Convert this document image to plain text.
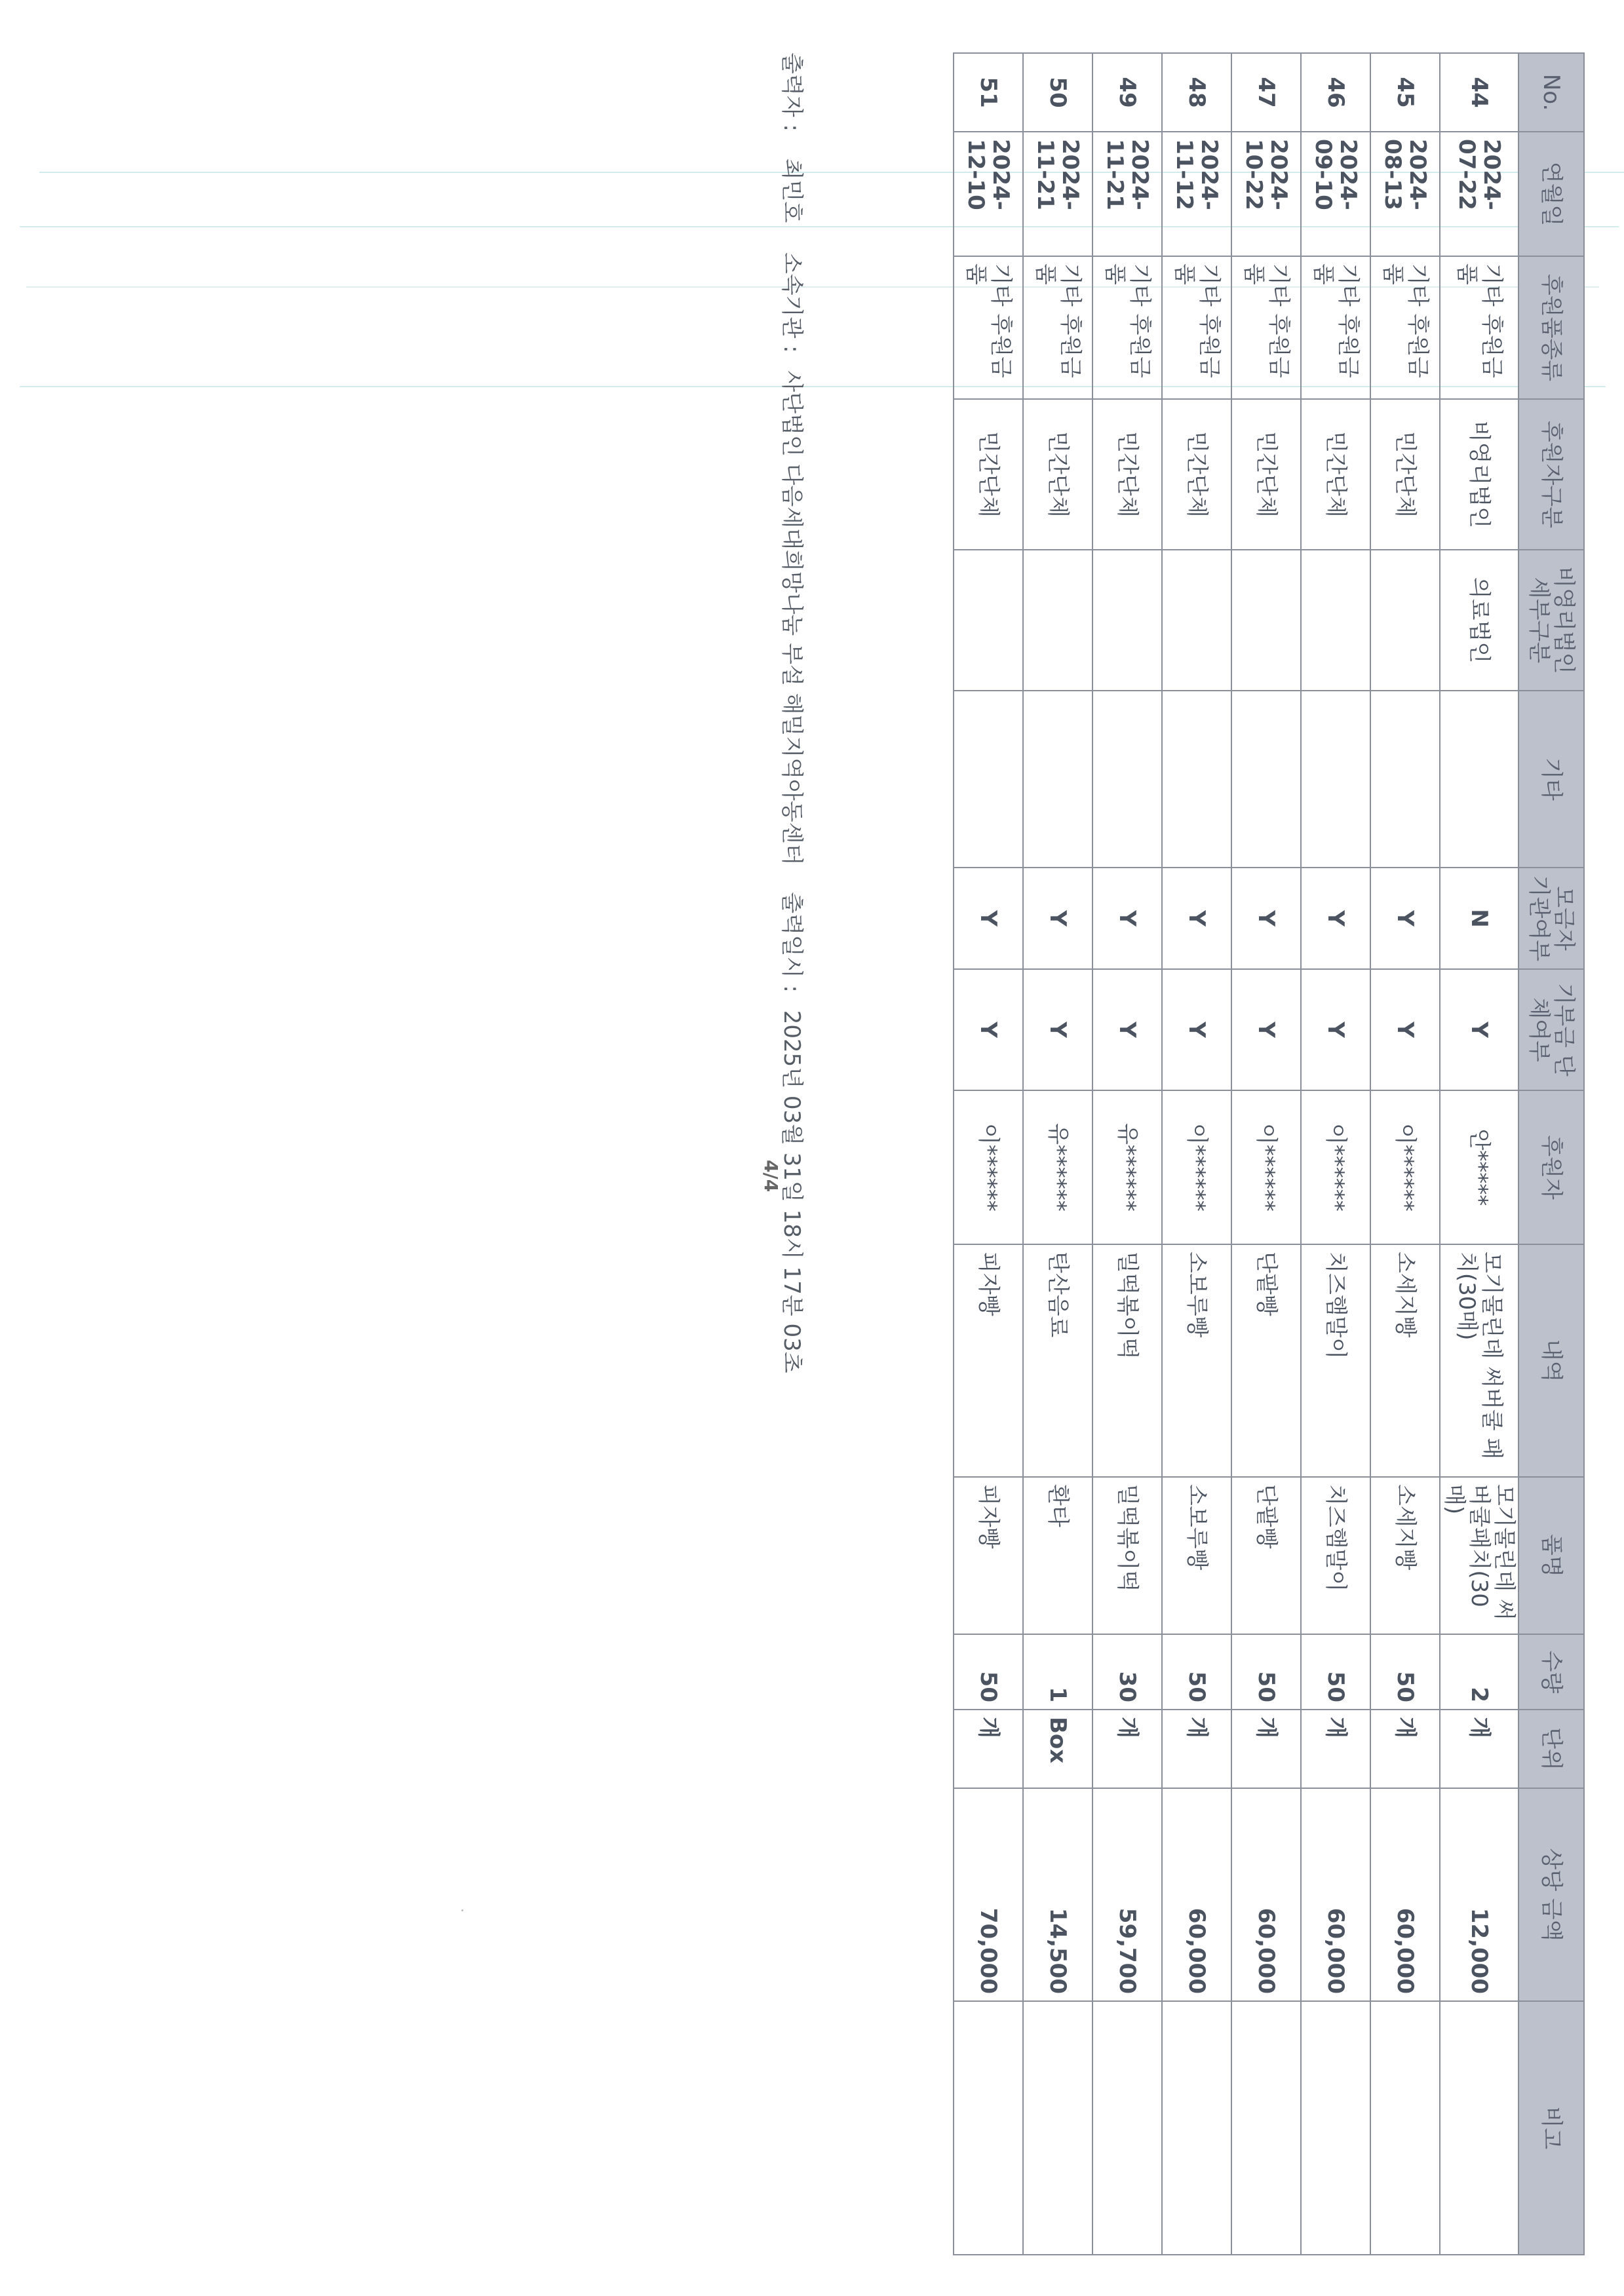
No.	연월일	후원품종류	후원자구분	비영리법인 세부구분	기타	모금자 기관여부	기부금 단체여부	후원자	내역	품명	수량	단위	상당 금액	비고
44	2024-07-22	기타 후원금품	비영리법인	의료법인		N	Y	안*****	모기물린데 써버쿨 패치(30매)	모기물린데 써버쿨패치(30매)	2	개	12,000	
45	2024-08-13	기타 후원금품	민간단체			Y	Y	이******	소세지빵	소세지빵	50	개	60,000	
46	2024-09-10	기타 후원금품	민간단체			Y	Y	이******	치즈햄말이	치즈햄말이	50	개	60,000	
47	2024-10-22	기타 후원금품	민간단체			Y	Y	이******	단팥빵	단팥빵	50	개	60,000	
48	2024-11-12	기타 후원금품	민간단체			Y	Y	이******	소보루빵	소보루빵	50	개	60,000	
49	2024-11-21	기타 후원금품	민간단체			Y	Y	유******	밀떡볶이떡	밀떡볶이떡	30	개	59,700	
50	2024-11-21	기타 후원금품	민간단체			Y	Y	유******	탄산음료	환타	1	Box	14,500	
51	2024-12-10	기타 후원금품	민간단체			Y	Y	이******	피자빵	피자빵	50	개	70,000	
출력자 : 최민호 소속기관 : 사단법인 다음세대희망나눔 부설 해밀지역아동센터 출력일시 : 2025년 03월 31일 18시 17분 03초
4/4
